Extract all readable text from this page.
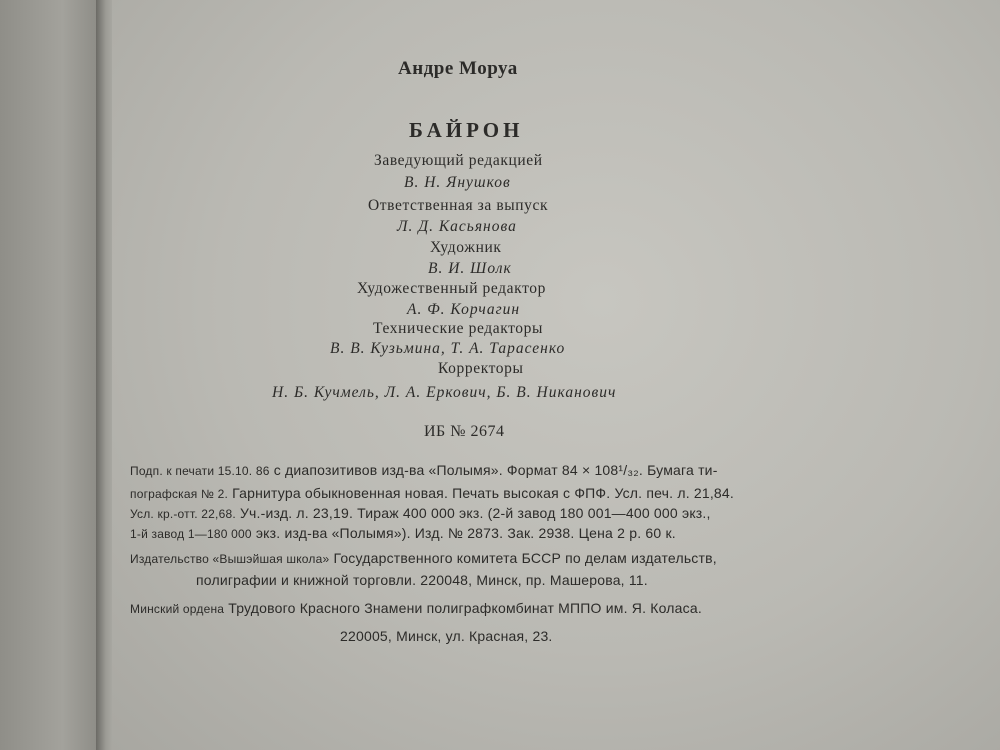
Андре Моруа
БАЙРОН
Заведующий редакцией
В. Н. Янушков
Ответственная за выпуск
Л. Д. Касьянова
Художник
В. И. Шолк
Художественный редактор
А. Ф. Корчагин
Технические редакторы
В. В. Кузьмина, Т. А. Тарасенко
Корректоры
Н. Б. Кучмель, Л. А. Еркович, Б. В. Никанович
ИБ № 2674
Подп. к печати 15.10. 86 с диапозитивов изд-ва «Полымя». Формат 84 × 108¹/₃₂. Бумага ти-
пографская № 2. Гарнитура обыкновенная новая. Печать высокая с ФПФ. Усл. печ. л. 21,84.
Усл. кр.-отт. 22,68. Уч.-изд. л. 23,19. Тираж 400 000 экз. (2-й завод 180 001—400 000 экз.,
1-й завод 1—180 000 экз. изд-ва «Полымя»). Изд. № 2873. Зак. 2938. Цена 2 р. 60 к.
Издательство «Вышэйшая школа» Государственного комитета БССР по делам издательств,
полиграфии и книжной торговли. 220048, Минск, пр. Машерова, 11.
Минский ордена Трудового Красного Знамени полиграфкомбинат МППО им. Я. Коласа.
220005, Минск, ул. Красная, 23.
